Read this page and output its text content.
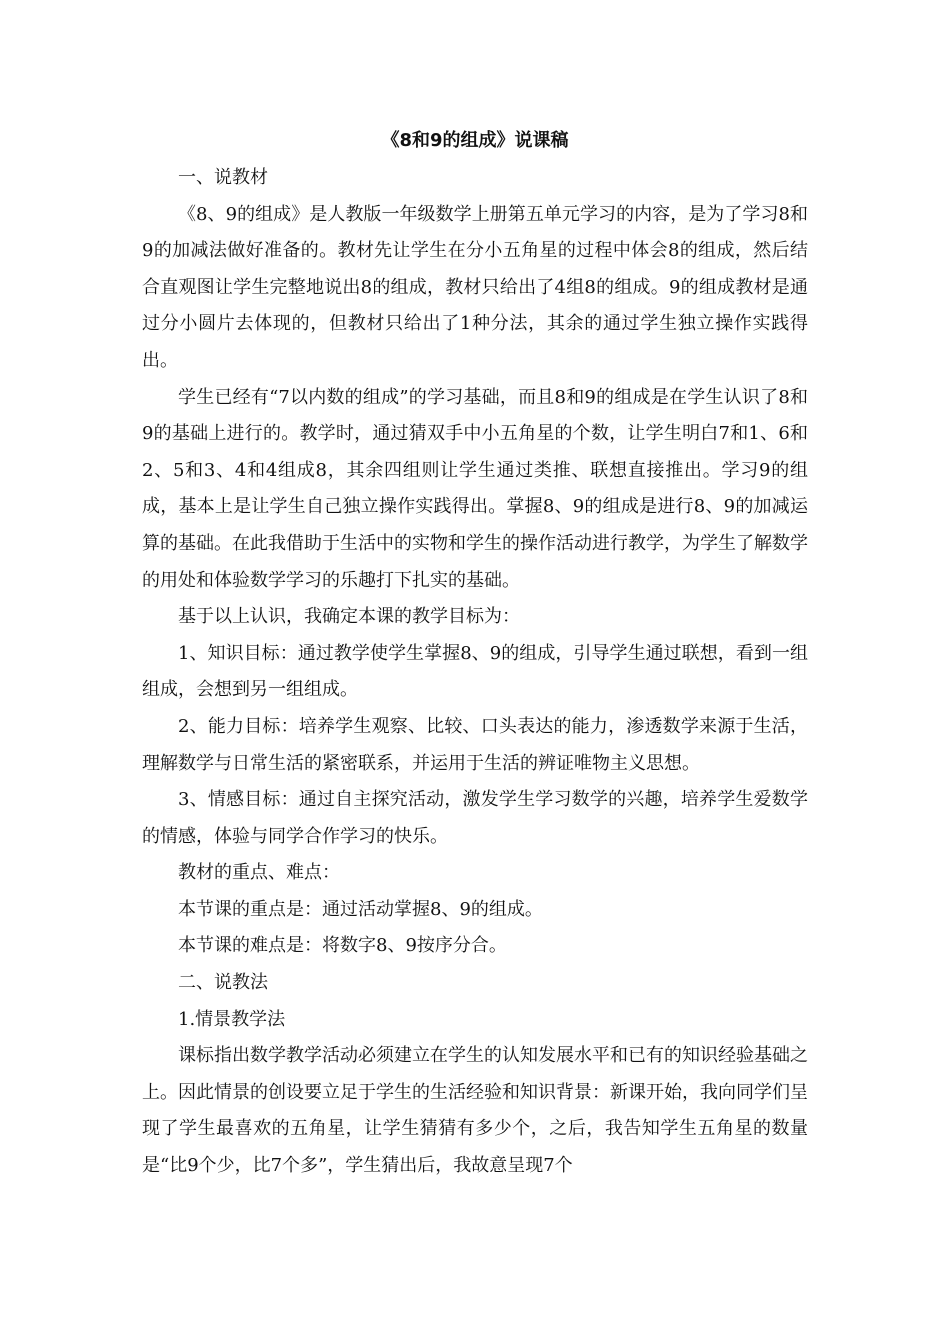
《8和9的组成》说课稿

一、说教材

《8、9的组成》是人教版一年级数学上册第五单元学习的内容，是为了学习8和9的加减法做好准备的。教材先让学生在分小五角星的过程中体会8的组成，然后结合直观图让学生完整地说出8的组成，教材只给出了4组8的组成。9的组成教材是通过分小圆片去体现的，但教材只给出了1种分法，其余的通过学生独立操作实践得出。

学生已经有“7以内数的组成”的学习基础，而且8和9的组成是在学生认识了8和9的基础上进行的。教学时，通过猜双手中小五角星的个数，让学生明白7和1、6和2、5和3、4和4组成8，其余四组则让学生通过类推、联想直接推出。学习9的组成，基本上是让学生自己独立操作实践得出。掌握8、9的组成是进行8、9的加减运算的基础。在此我借助于生活中的实物和学生的操作活动进行教学，为学生了解数学的用处和体验数学学习的乐趣打下扎实的基础。

基于以上认识，我确定本课的教学目标为：

1、知识目标：通过教学使学生掌握8、9的组成，引导学生通过联想，看到一组组成，会想到另一组组成。

2、能力目标：培养学生观察、比较、口头表达的能力，渗透数学来源于生活，理解数学与日常生活的紧密联系，并运用于生活的辨证唯物主义思想。

3、情感目标：通过自主探究活动，激发学生学习数学的兴趣，培养学生爱数学的情感，体验与同学合作学习的快乐。

教材的重点、难点：

本节课的重点是：通过活动掌握8、9的组成。

本节课的难点是：将数字8、9按序分合。

二、说教法

1.情景教学法

课标指出数学教学活动必须建立在学生的认知发展水平和已有的知识经验基础之上。因此情景的创设要立足于学生的生活经验和知识背景：新课开始，我向同学们呈现了学生最喜欢的五角星，让学生猜猜有多少个，之后，我告知学生五角星的数量是“比9个少，比7个多”，学生猜出后，我故意呈现7个
